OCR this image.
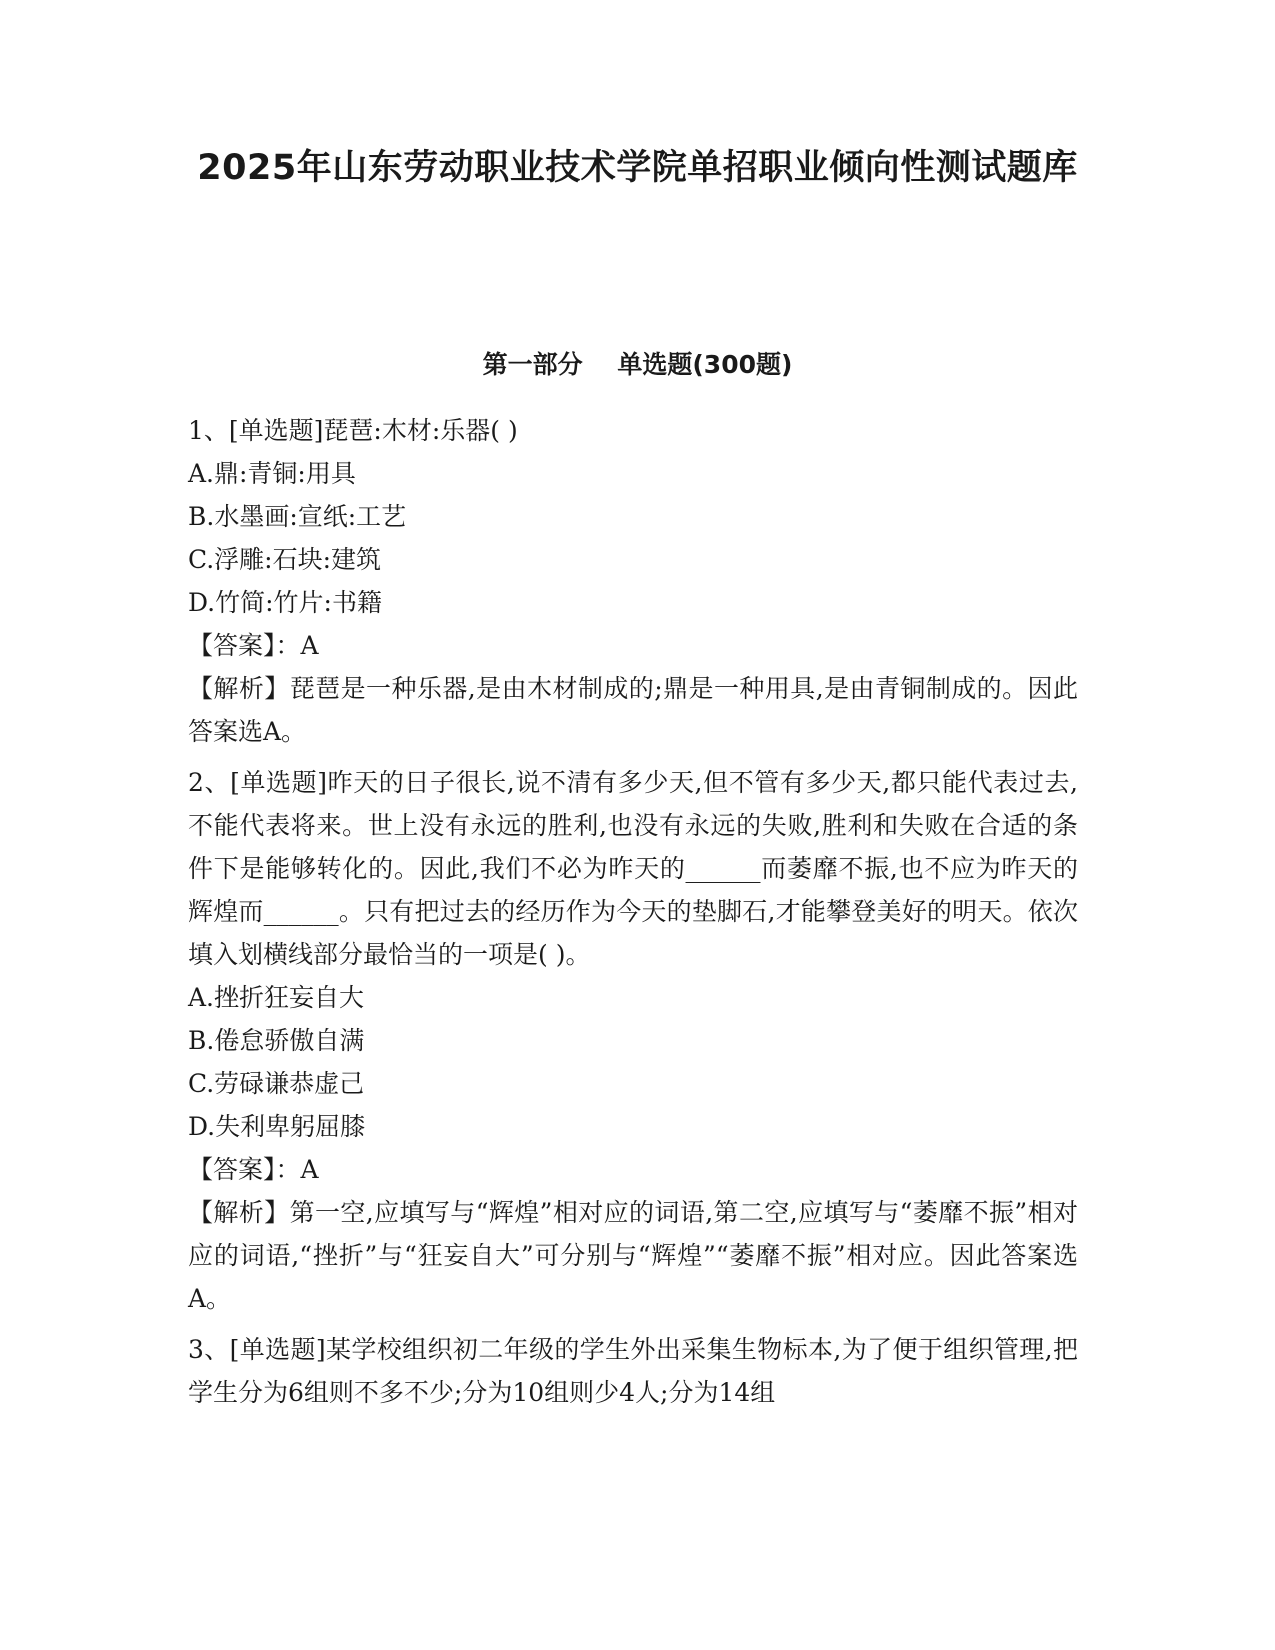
2025年山东劳动职业技术学院单招职业倾向性测试题库
第一部分    单选题(300题)

1、[单选题]琵琶:木材:乐器( )

A.鼎:青铜:用具

B.水墨画:宣纸:工艺

C.浮雕:石块:建筑

D.竹简:竹片:书籍

【答案】：A

【解析】琵琶是一种乐器,是由木材制成的;鼎是一种用具,是由青铜制成的。因此答案选A。

2、[单选题]昨天的日子很长,说不清有多少天,但不管有多少天,都只能代表过去,不能代表将来。世上没有永远的胜利,也没有永远的失败,胜利和失败在合适的条件下是能够转化的。因此,我们不必为昨天的______而萎靡不振,也不应为昨天的辉煌而______。只有把过去的经历作为今天的垫脚石,才能攀登美好的明天。依次填入划横线部分最恰当的一项是( )。

A.挫折狂妄自大

B.倦怠骄傲自满

C.劳碌谦恭虚己

D.失利卑躬屈膝

【答案】：A

【解析】第一空,应填写与“辉煌”相对应的词语,第二空,应填写与“萎靡不振”相对应的词语,“挫折”与“狂妄自大”可分别与“辉煌”“萎靡不振”相对应。因此答案选A。

3、[单选题]某学校组织初二年级的学生外出采集生物标本,为了便于组织管理,把学生分为6组则不多不少;分为10组则少4人;分为14组
